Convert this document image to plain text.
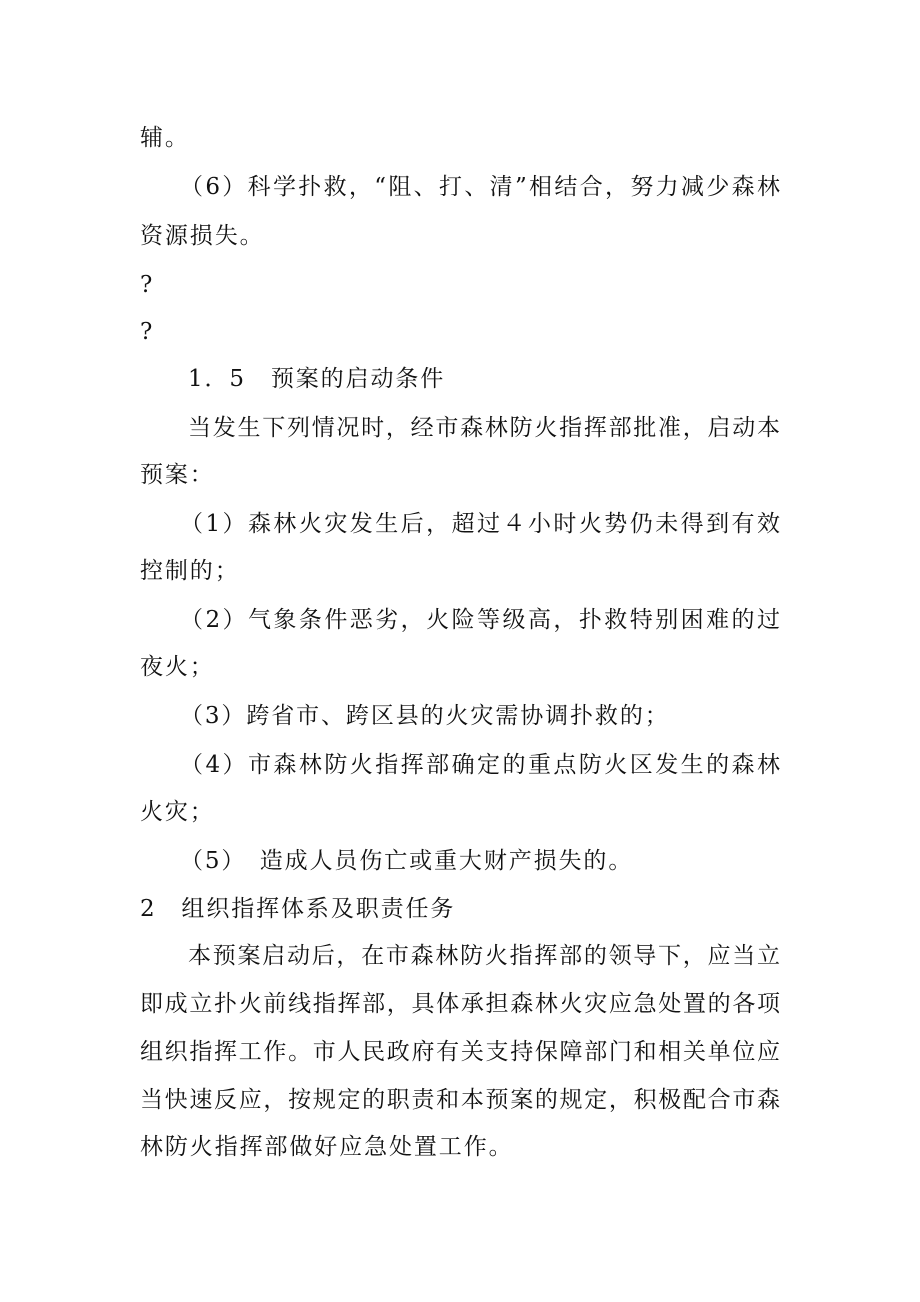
辅。
（6）科学扑救，“阻、打、清”相结合，努力减少森林
资源损失。
?
?
1．5　预案的启动条件
当发生下列情况时，经市森林防火指挥部批准，启动本
预案：
（1）森林火灾发生后，超过４小时火势仍未得到有效
控制的；
（2）气象条件恶劣，火险等级高，扑救特别困难的过
夜火；
（3）跨省市、跨区县的火灾需协调扑救的；
（4）市森林防火指挥部确定的重点防火区发生的森林
火灾；
（5）　造成人员伤亡或重大财产损失的。
2　组织指挥体系及职责任务
本预案启动后，在市森林防火指挥部的领导下，应当立
即成立扑火前线指挥部，具体承担森林火灾应急处置的各项
组织指挥工作。市人民政府有关支持保障部门和相关单位应
当快速反应，按规定的职责和本预案的规定，积极配合市森
林防火指挥部做好应急处置工作。
